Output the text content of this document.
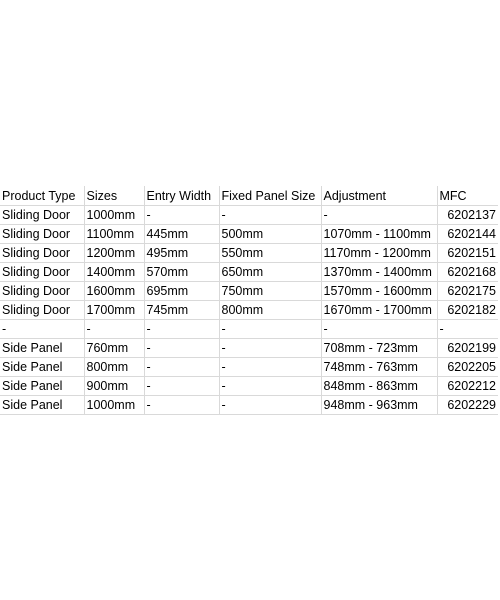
Product Type	Sizes	Entry Width	Fixed Panel Size	Adjustment	MFC
Sliding Door	1000mm	-	-	-	6202137
Sliding Door	1100mm	445mm	500mm	1070mm - 1100mm	6202144
Sliding Door	1200mm	495mm	550mm	1170mm - 1200mm	6202151
Sliding Door	1400mm	570mm	650mm	1370mm - 1400mm	6202168
Sliding Door	1600mm	695mm	750mm	1570mm - 1600mm	6202175
Sliding Door	1700mm	745mm	800mm	1670mm - 1700mm	6202182
-	-	-	-	-	-
Side Panel	760mm	-	-	708mm - 723mm	6202199
Side Panel	800mm	-	-	748mm - 763mm	6202205
Side Panel	900mm	-	-	848mm - 863mm	6202212
Side Panel	1000mm	-	-	948mm - 963mm	6202229
